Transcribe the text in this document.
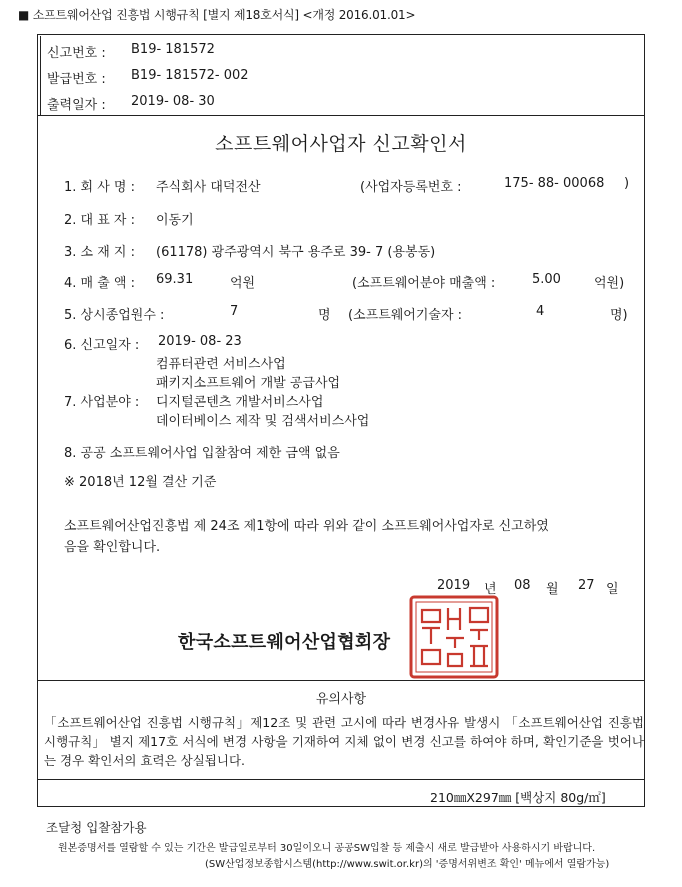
■ 소프트웨어산업 진흥법 시행규칙 [별지 제18호서식] <개정 2016.01.01>
신고번호 : B19- 181572
발급번호 : B19- 181572- 002
출력일자 : 2019- 08- 30
소프트웨어사업자 신고확인서
1. 회 사 명 : 주식회사 대덕전산	(사업자등록번호 :	175- 88- 00068 )
2. 대 표 자 : 이동기
3. 소 재 지 : (61178) 광주광역시 북구 용주로 39- 7 (용봉동)
4. 매 출 액 : 69.31	억원	(소프트웨어분야 매출액 :	5.00	억원)
5. 상시종업원수 :	7	명 (소프트웨어기술자 :	4	명)
6. 신고일자 : 2019- 08- 23
컴퓨터관련 서비스사업
패키지소프트웨어 개발 공급사업
7. 사업분야 : 디지털콘텐츠 개발서비스사업
데이터베이스 제작 및 검색서비스사업
8. 공공 소프트웨어사업 입찰참여 제한 금액 없음
※ 2018년 12월 결산 기준
소프트웨어산업진흥법 제 24조 제1항에 따라 위와 같이 소프트웨어사업자로 신고하였
음을 확인합니다.
2019 년 08 월 27 일
한국소프트웨어산업협회장
유의사항
「소프트웨어산업 진흥법 시행규칙」제12조 및 관련 고시에 따라 변경사유 발생시 「소프트웨어산업 진흥법 시행규칙」 별지 제17호 서식에 변경 사항을 기재하여 지체 없이 변경 신고를 하여야 하며, 확인기준을 벗어나는 경우 확인서의 효력은 상실됩니다.
210㎜X297㎜ [백상지 80g/㎡]
조달청 입찰참가용
원본증명서를 열람할 수 있는 기간은 발급일로부터 30일이오니 공공SW입찰 등 제출시 새로 발급받아 사용하시기 바랍니다.
(SW산업정보종합시스템(http://www.swit.or.kr)의 '증명서위변조 확인' 메뉴에서 열람가능)
